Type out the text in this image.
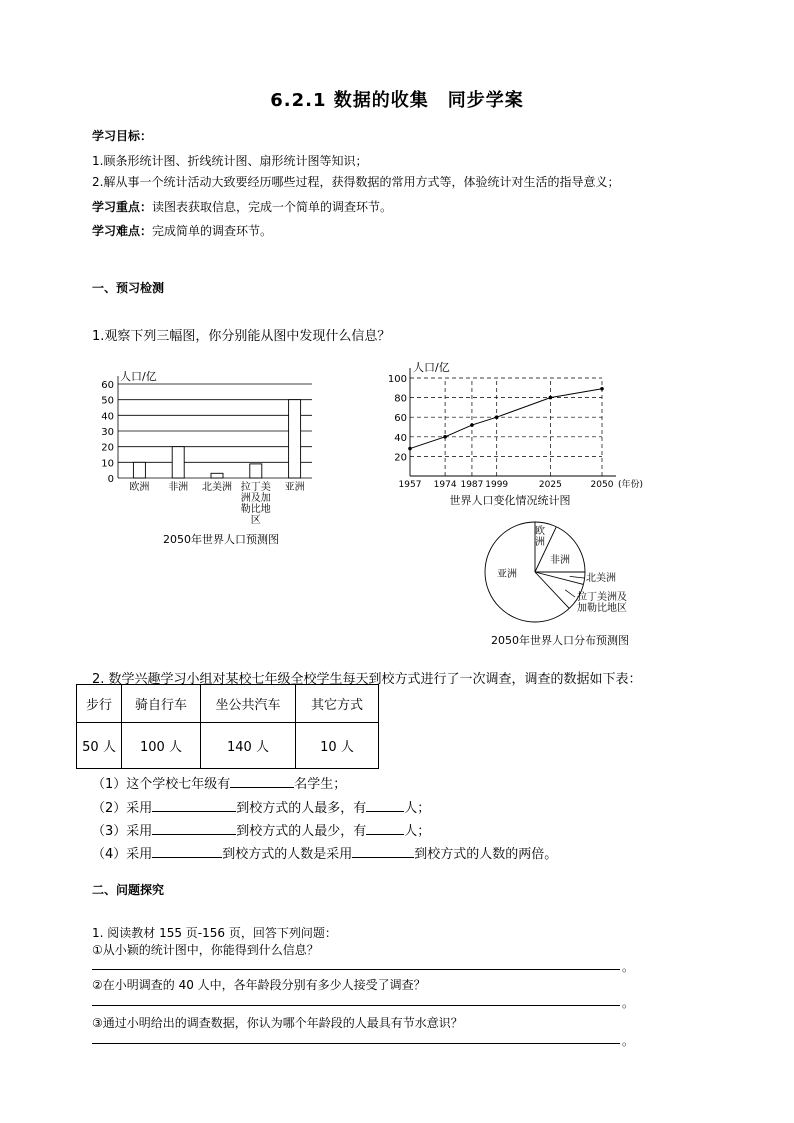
6.2.1 数据的收集　同步学案
学习目标：
1.顾条形统计图、折线统计图、扇形统计图等知识；
2.解从事一个统计活动大致要经历哪些过程，获得数据的常用方式等，体验统计对生活的指导意义；
学习重点：读图表获取信息，完成一个简单的调查环节。
学习难点：完成简单的调查环节。
一、预习检测
1.观察下列三幅图，你分别能从图中发现什么信息？
0
10
20
30
40
50
60
人口/亿
欧洲 非洲 北美洲 拉丁美
洲及加
勒比地
区
亚洲
2050年世界人口预测图
20
40
60
80
100
1957 1974 1987 1999	2025	2050 (年份)
人口/亿
世界人口变化情况统计图
欧
洲
非洲
北美洲
拉丁美洲及
加勒比地区
亚洲
2050年世界人口分布预测图
2. 数学兴趣学习小组对某校七年级全校学生每天到校方式进行了一次调查，调查的数据如下表：
步行	骑自行车	坐公共汽车	其它方式
50 人	100 人	140 人	10 人
（1）这个学校七年级有	名学生；
（2）采用	到校方式的人最多，有	人；
（3）采用	到校方式的人最少，有	人；
（4）采用	到校方式的人数是采用	到校方式的人数的两倍。
二、问题探究
1. 阅读教材 155 页-156 页，回答下列问题：
①从小颖的统计图中，你能得到什么信息？
。
②在小明调查的 40 人中，各年龄段分别有多少人接受了调查？
。
③通过小明给出的调查数据，你认为哪个年龄段的人最具有节水意识？
。
